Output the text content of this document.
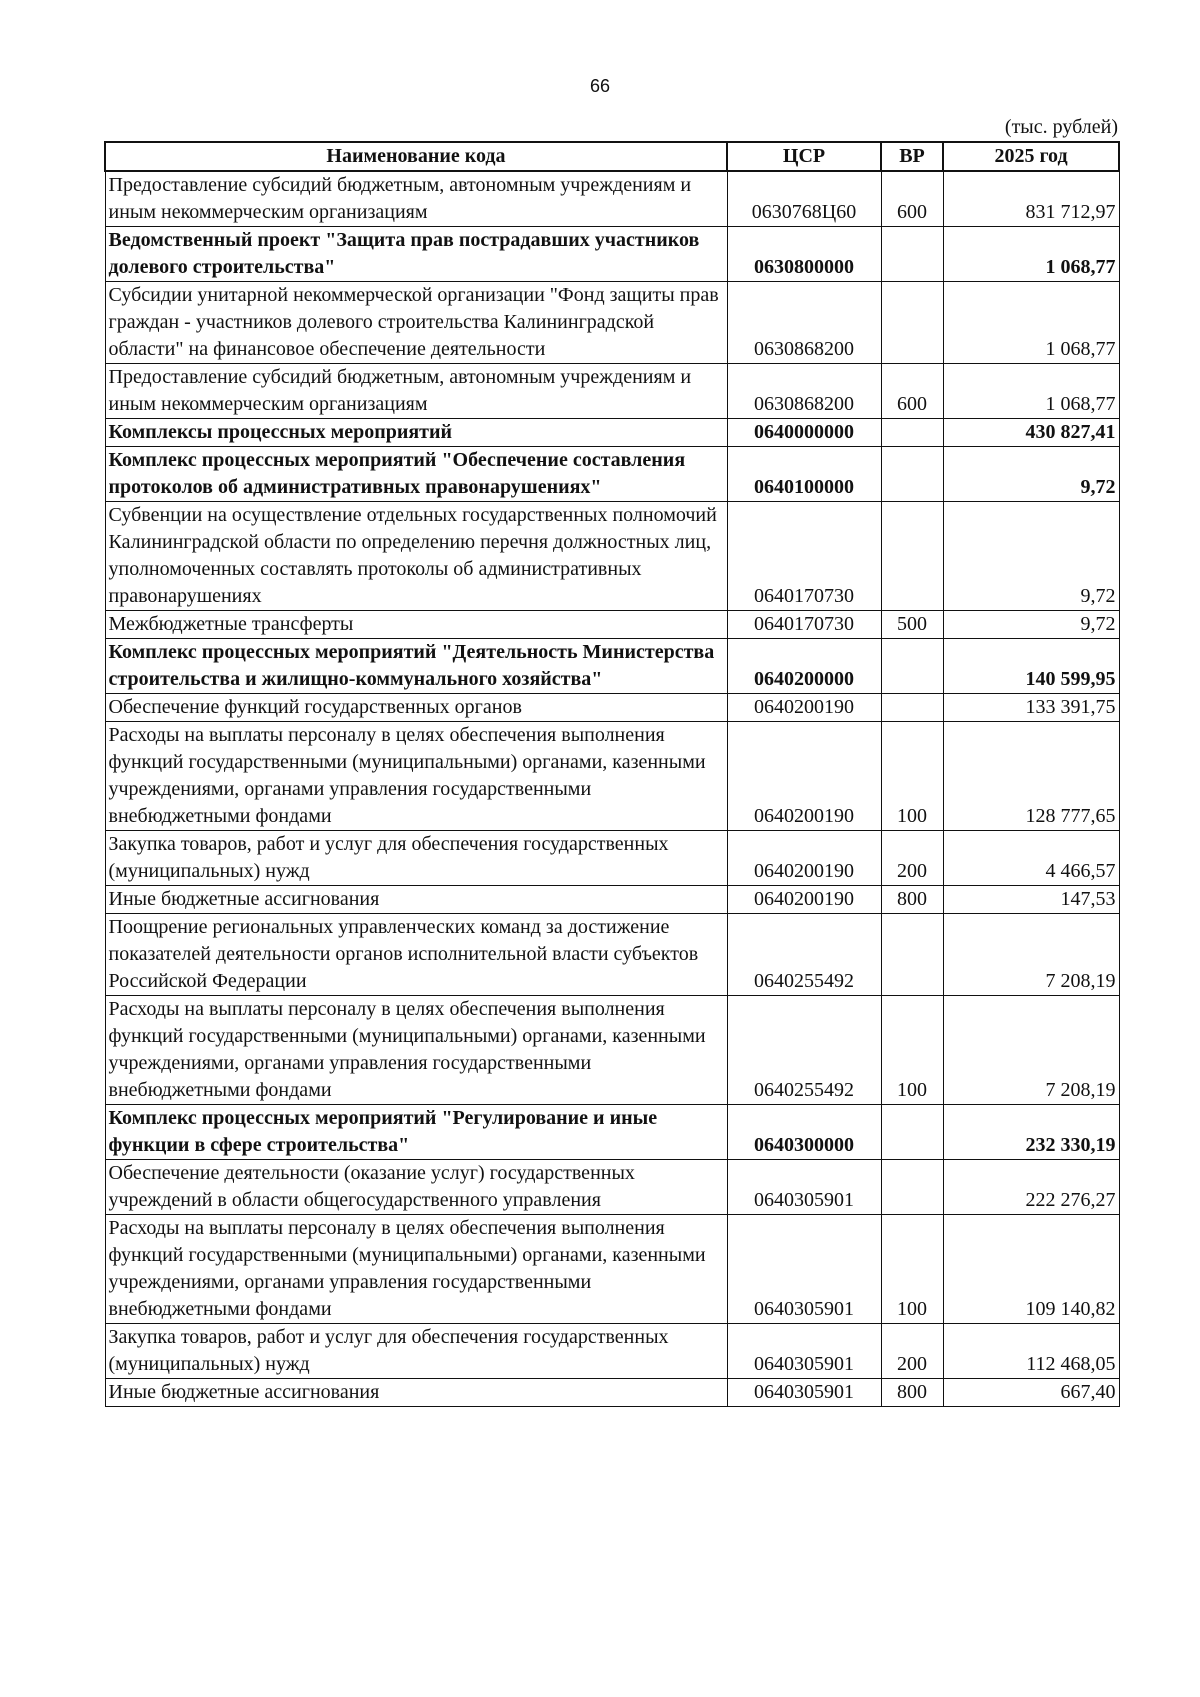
66
(тыс. рублей)
Наименование кода	ЦСР	ВР	2025 год
Предоставление субсидий бюджетным, автономным учреждениям и иным некоммерческим организациям	0630768Ц60	600	831 712,97
Ведомственный проект "Защита прав пострадавших участников долевого строительства"	0630800000		1 068,77
Субсидии унитарной некоммерческой организации "Фонд защиты прав граждан - участников долевого строительства Калининградской области" на финансовое обеспечение деятельности	0630868200		1 068,77
Предоставление субсидий бюджетным, автономным учреждениям и иным некоммерческим организациям	0630868200	600	1 068,77
Комплексы процессных мероприятий	0640000000		430 827,41
Комплекс процессных мероприятий "Обеспечение составления протоколов об административных правонарушениях"	0640100000		9,72
Субвенции на осуществление отдельных государственных полномочий Калининградской области по определению перечня должностных лиц, уполномоченных составлять протоколы об административных правонарушениях	0640170730		9,72
Межбюджетные трансферты	0640170730	500	9,72
Комплекс процессных мероприятий "Деятельность Министерства строительства и жилищно-коммунального хозяйства"	0640200000		140 599,95
Обеспечение функций государственных органов	0640200190		133 391,75
Расходы на выплаты персоналу в целях обеспечения выполнения функций государственными (муниципальными) органами, казенными учреждениями, органами управления государственными внебюджетными фондами	0640200190	100	128 777,65
Закупка товаров, работ и услуг для обеспечения государственных (муниципальных) нужд	0640200190	200	4 466,57
Иные бюджетные ассигнования	0640200190	800	147,53
Поощрение региональных управленческих команд за достижение показателей деятельности органов исполнительной власти субъектов Российской Федерации	0640255492		7 208,19
Расходы на выплаты персоналу в целях обеспечения выполнения функций государственными (муниципальными) органами, казенными учреждениями, органами управления государственными внебюджетными фондами	0640255492	100	7 208,19
Комплекс процессных мероприятий "Регулирование и иные функции в сфере строительства"	0640300000		232 330,19
Обеспечение деятельности (оказание услуг) государственных учреждений в области общегосударственного управления	0640305901		222 276,27
Расходы на выплаты персоналу в целях обеспечения выполнения функций государственными (муниципальными) органами, казенными учреждениями, органами управления государственными внебюджетными фондами	0640305901	100	109 140,82
Закупка товаров, работ и услуг для обеспечения государственных (муниципальных) нужд	0640305901	200	112 468,05
Иные бюджетные ассигнования	0640305901	800	667,40
